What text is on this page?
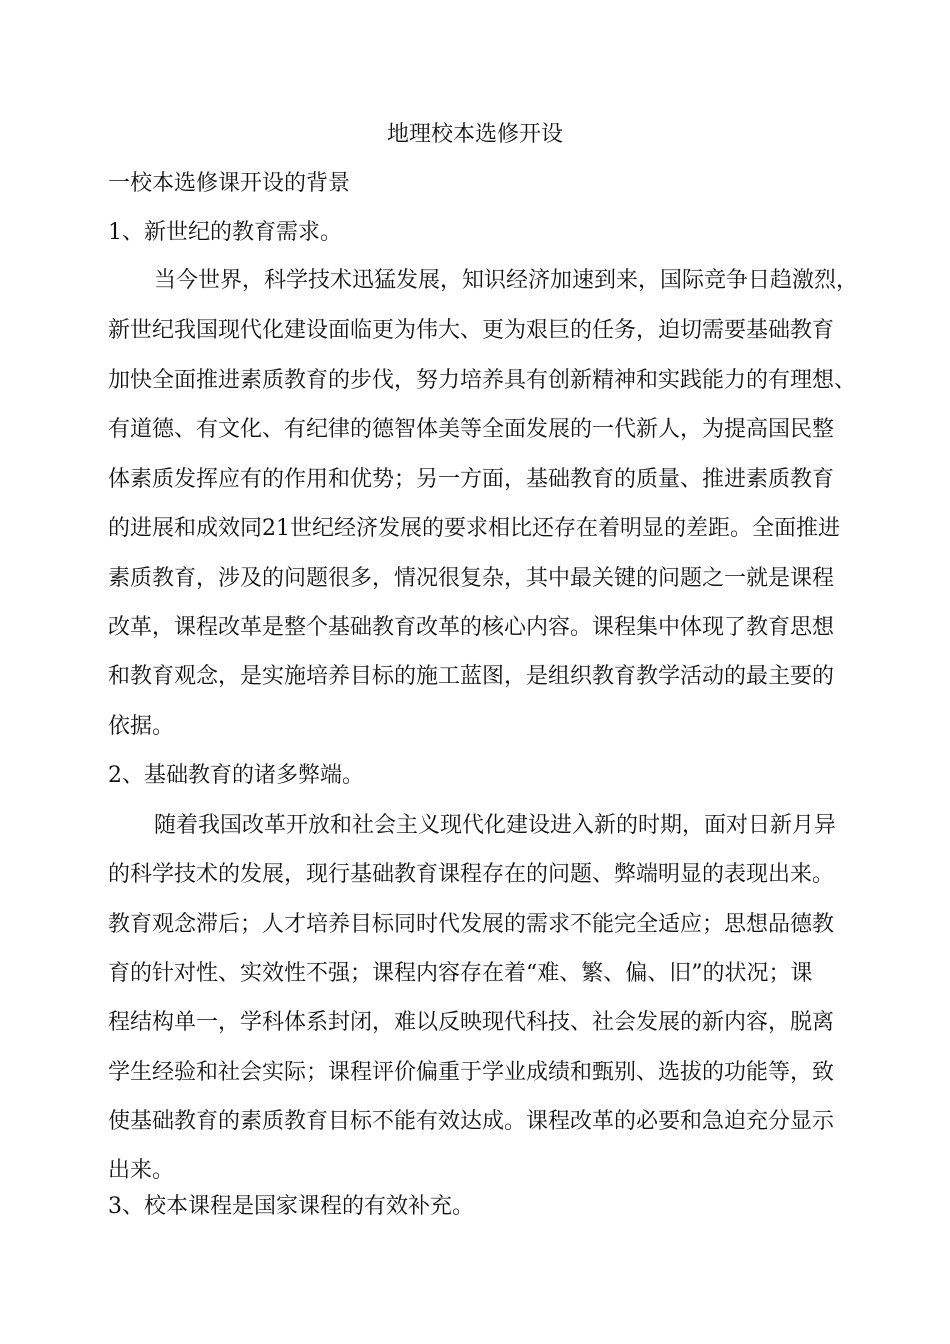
地理校本选修开设

一校本选修课开设的背景

1、新世纪的教育需求。

当今世界，科学技术迅猛发展，知识经济加速到来，国际竞争日趋激烈，

新世纪我国现代化建设面临更为伟大、更为艰巨的任务，迫切需要基础教育

加快全面推进素质教育的步伐，努力培养具有创新精神和实践能力的有理想、

有道德、有文化、有纪律的德智体美等全面发展的一代新人，为提高国民整

体素质发挥应有的作用和优势；另一方面，基础教育的质量、推进素质教育

的进展和成效同21世纪经济发展的要求相比还存在着明显的差距。全面推进

素质教育，涉及的问题很多，情况很复杂，其中最关键的问题之一就是课程

改革，课程改革是整个基础教育改革的核心内容。课程集中体现了教育思想

和教育观念，是实施培养目标的施工蓝图，是组织教育教学活动的最主要的

依据。

2、基础教育的诸多弊端。

随着我国改革开放和社会主义现代化建设进入新的时期，面对日新月异

的科学技术的发展，现行基础教育课程存在的问题、弊端明显的表现出来。

教育观念滞后；人才培养目标同时代发展的需求不能完全适应；思想品德教

育的针对性、实效性不强；课程内容存在着“难、繁、偏、旧”的状况；课

程结构单一，学科体系封闭，难以反映现代科技、社会发展的新内容，脱离

学生经验和社会实际；课程评价偏重于学业成绩和甄别、选拔的功能等，致

使基础教育的素质教育目标不能有效达成。课程改革的必要和急迫充分显示

出来。

3、校本课程是国家课程的有效补充。
